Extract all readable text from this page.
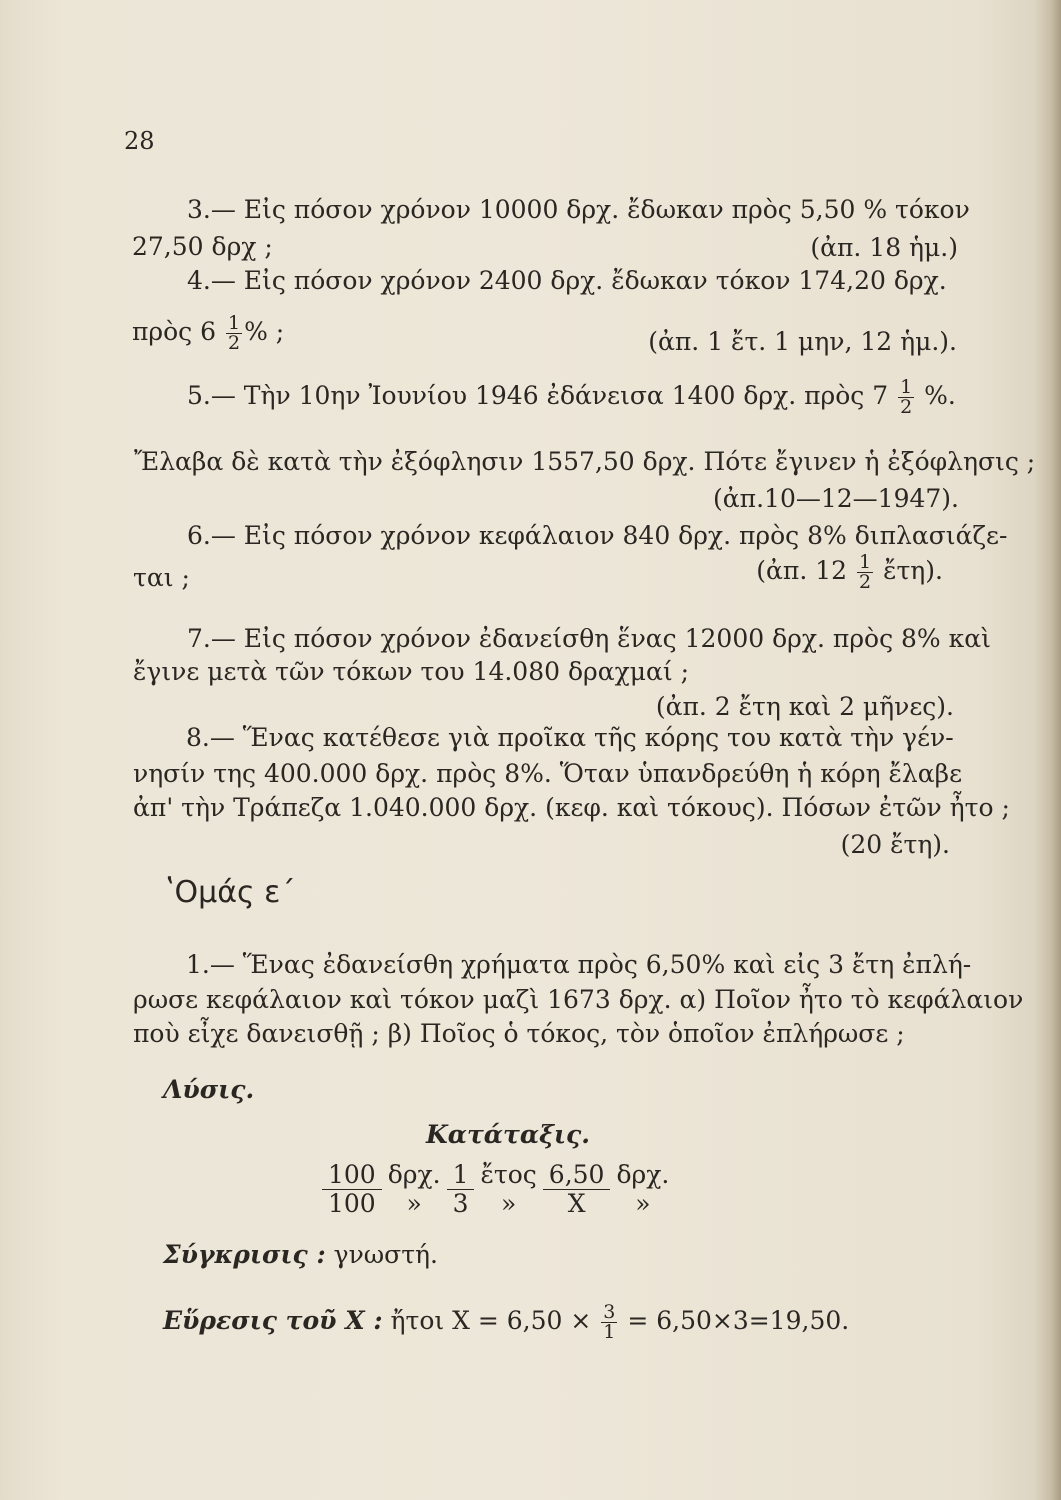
28
3.— Εἰς πόσον χρόνον 10000 δρχ. ἔδωκαν πρὸς 5,50 % τόκον
27,50 δρχ ;	(ἀπ. 18 ἡμ.)
4.— Εἰς πόσον χρόνον 2400 δρχ. ἔδωκαν τόκον 174,20 δρχ.
πρὸς $6 \frac{1}{2}$ % ;	(ἀπ. 1 ἔτ. 1 μην, 12 ἡμ.).
5.— Τὴν 10ην Ἰουνίου 1946 ἐδάνεισα 1400 δρχ. πρὸς $7 \frac{1}{2}$ %.
Ἔλαβα δὲ κατὰ τὴν ἐξόφλησιν 1557,50 δρχ. Πότε ἔγινεν ἡ ἐξόφλησις ;
(ἀπ.10—12—1947).
6.— Εἰς πόσον χρόνον κεφάλαιον 840 δρχ. πρὸς 8% διπλασιάζε-
ται ;	(ἀπ. $12 \frac{1}{2}$ ἔτη).
7.— Εἰς πόσον χρόνον ἐδανείσθη ἕνας 12000 δρχ. πρὸς 8% καὶ
ἔγινε μετὰ τῶν τόκων του 14.080 δραχμαί ;
(ἀπ. 2 ἔτη καὶ 2 μῆνες).
8.— Ἕνας κατέθεσε γιὰ προῖκα τῆς κόρης του κατὰ τὴν γέν-
νησίν της 400.000 δρχ. πρὸς 8%. Ὅταν ὑπανδρεύθη ἡ κόρη ἔλαβε
ἀπ' τὴν Τράπεζα 1.040.000 δρχ. (κεφ. καὶ τόκους). Πόσων ἐτῶν ἦτο ;
(20 ἔτη).
ʽΟμάς ε΄
1.— Ἕνας ἐδανείσθη χρήματα πρὸς 6,50% καὶ εἰς 3 ἔτη ἐπλή-
ρωσε κεφάλαιον καὶ τόκον μαζὶ 1673 δρχ. α) Ποῖον ἦτο τὸ κεφάλαιον
ποὺ εἶχε δανεισθῇ ; β) Ποῖος ὁ τόκος, τὸν ὁποῖον ἐπλήρωσε ;
Λύσις.
Κατάταξις.
100	δρχ.	1	ἔτος	6,50	δρχ.
100	»	3	»	Χ	»
Σύγκρισις : γνωστή.
Εὕρεσις τοῦ Χ : ἤτοι $X = 6,50 \times \frac{3}{1} = 6,50\times 3=19,50$.
